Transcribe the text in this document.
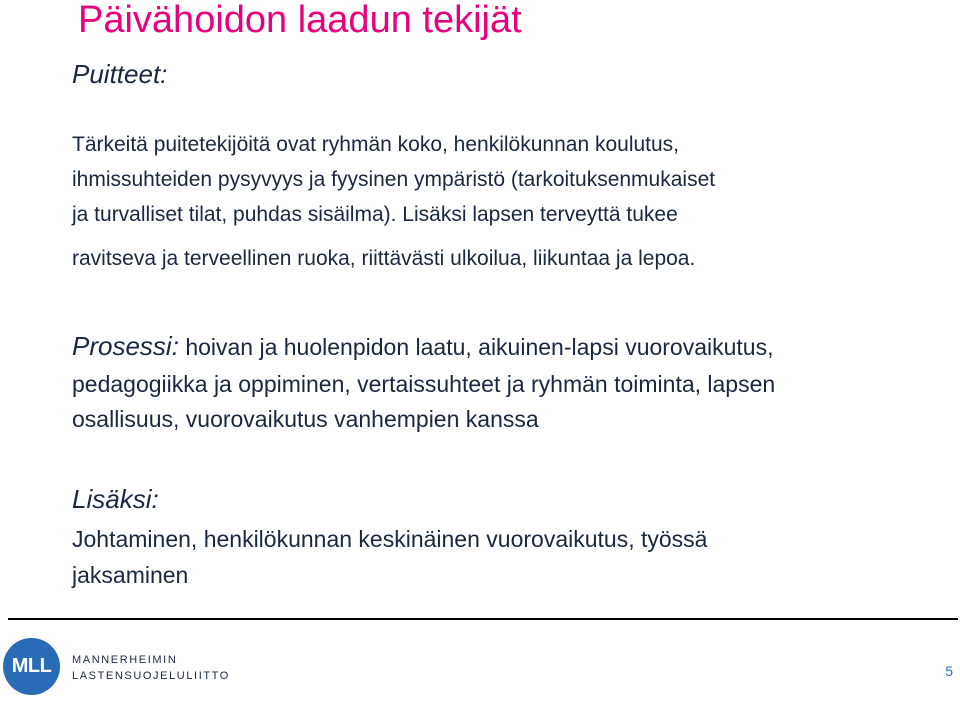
Päivähoidon laadun tekijät
Puitteet:
Tärkeitä puitetekijöitä ovat ryhmän koko, henkilökunnan koulutus,
ihmissuhteiden pysyvyys ja fyysinen ympäristö (tarkoituksenmukaiset
ja turvalliset tilat, puhdas sisäilma). Lisäksi lapsen terveyttä tukee
ravitseva ja terveellinen ruoka, riittävästi ulkoilua, liikuntaa ja lepoa.
Prosessi: hoivan ja huolenpidon laatu, aikuinen-lapsi vuorovaikutus,
pedagogiikka ja oppiminen, vertaissuhteet ja ryhmän toiminta, lapsen
osallisuus, vuorovaikutus vanhempien kanssa
Lisäksi:
Johtaminen, henkilökunnan keskinäinen vuorovaikutus, työssä
jaksaminen
MLL MANNERHEIMIN
LASTENSUOJELULIITTO	5
